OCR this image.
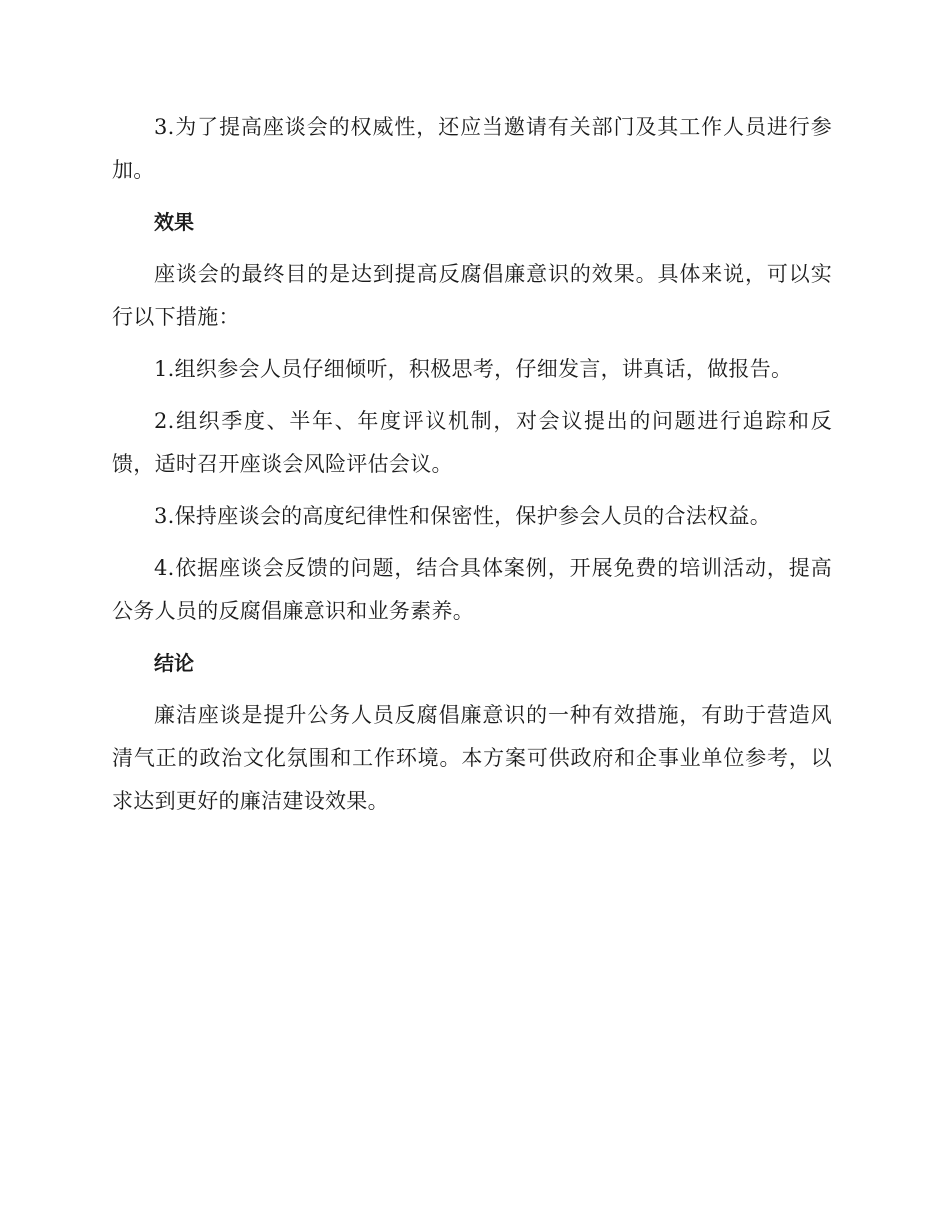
3.为了提高座谈会的权威性，还应当邀请有关部门及其工作人员进行参加。

效果

座谈会的最终目的是达到提高反腐倡廉意识的效果。具体来说，可以实行以下措施：

1.组织参会人员仔细倾听，积极思考，仔细发言，讲真话，做报告。

2.组织季度、半年、年度评议机制，对会议提出的问题进行追踪和反馈，适时召开座谈会风险评估会议。

3.保持座谈会的高度纪律性和保密性，保护参会人员的合法权益。

4.依据座谈会反馈的问题，结合具体案例，开展免费的培训活动，提高公务人员的反腐倡廉意识和业务素养。

结论

廉洁座谈是提升公务人员反腐倡廉意识的一种有效措施，有助于营造风清气正的政治文化氛围和工作环境。本方案可供政府和企事业单位参考，以求达到更好的廉洁建设效果。
